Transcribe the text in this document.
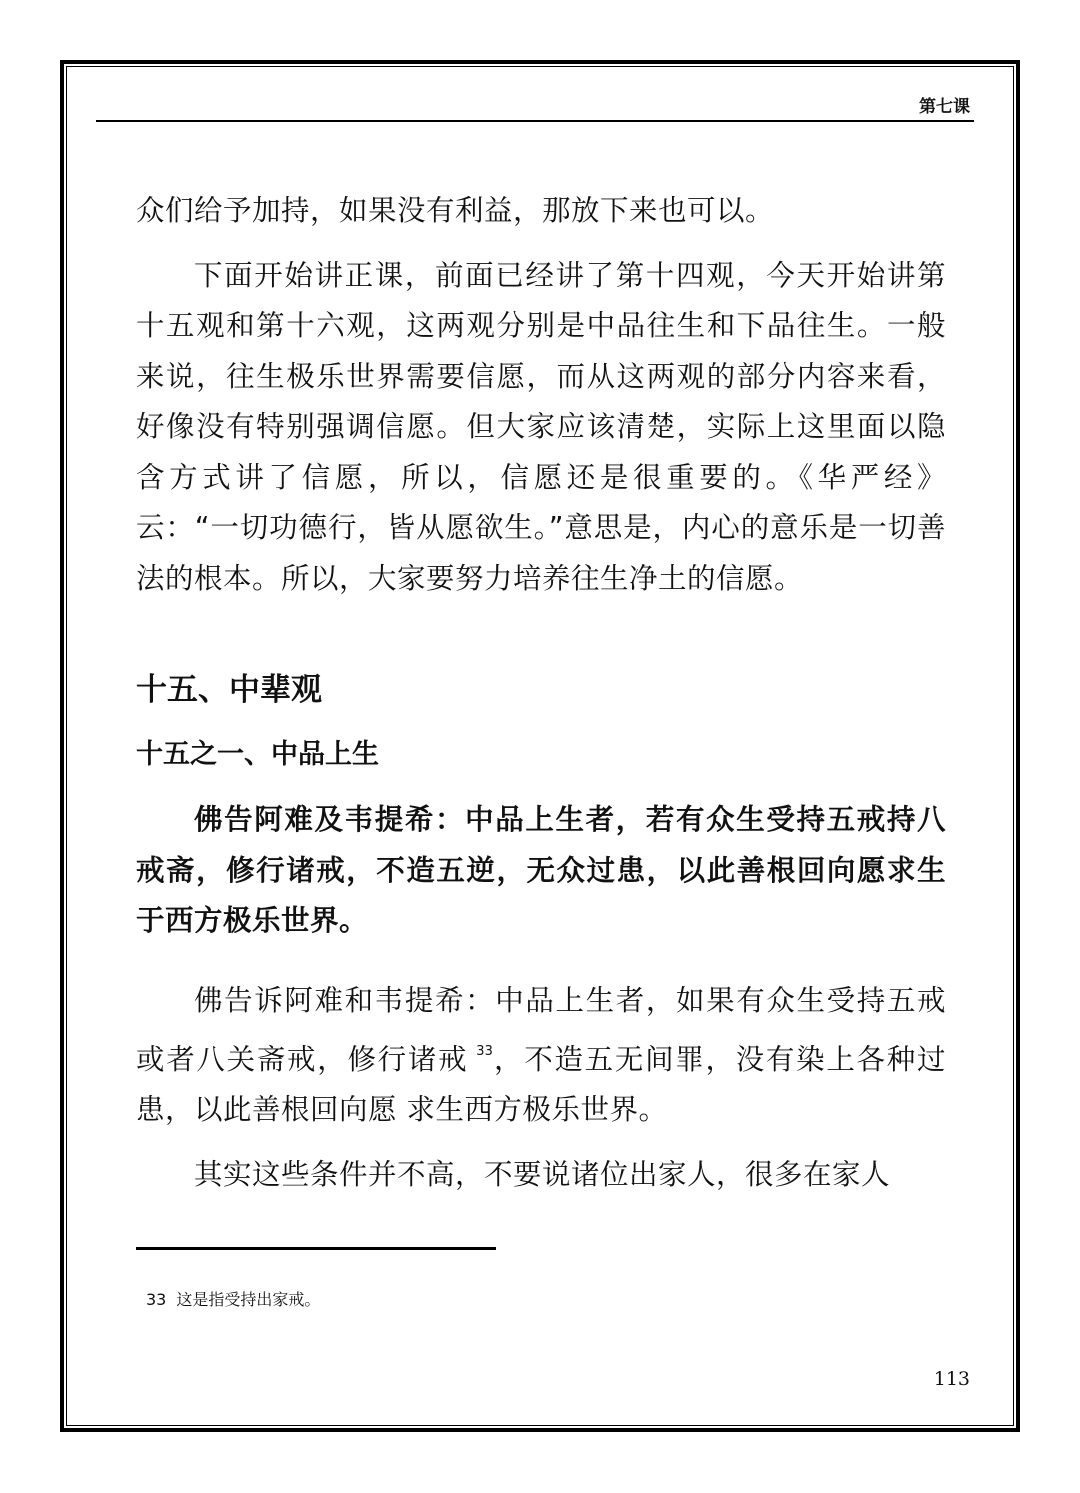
第七课

众们给予加持，如果没有利益，那放下来也可以。

下面开始讲正课，前面已经讲了第十四观，今天开始讲第十五观和第十六观，这两观分别是中品往生和下品往生。一般来说，往生极乐世界需要信愿，而从这两观的部分内容来看，好像没有特别强调信愿。但大家应该清楚，实际上这里面以隐含方式讲了信愿，所以，信愿还是很重要的。《华严经》云：“一切功德行，皆从愿欲生。”意思是，内心的意乐是一切善法的根本。所以，大家要努力培养往生净土的信愿。

十五、中辈观
十五之一、中品上生

佛告阿难及韦提希：中品上生者，若有众生受持五戒持八戒斋，修行诸戒，不造五逆，无众过患，以此善根回向愿求生于西方极乐世界。

佛告诉阿难和韦提希：中品上生者，如果有众生受持五戒或者八关斋戒，修行诸戒 $^{33}$，不造五无间罪，没有染上各种过患，以此善根回向愿 求生西方极乐世界。

其实这些条件并不高，不要说诸位出家人，很多在家人

33 这是指受持出家戒。
113
